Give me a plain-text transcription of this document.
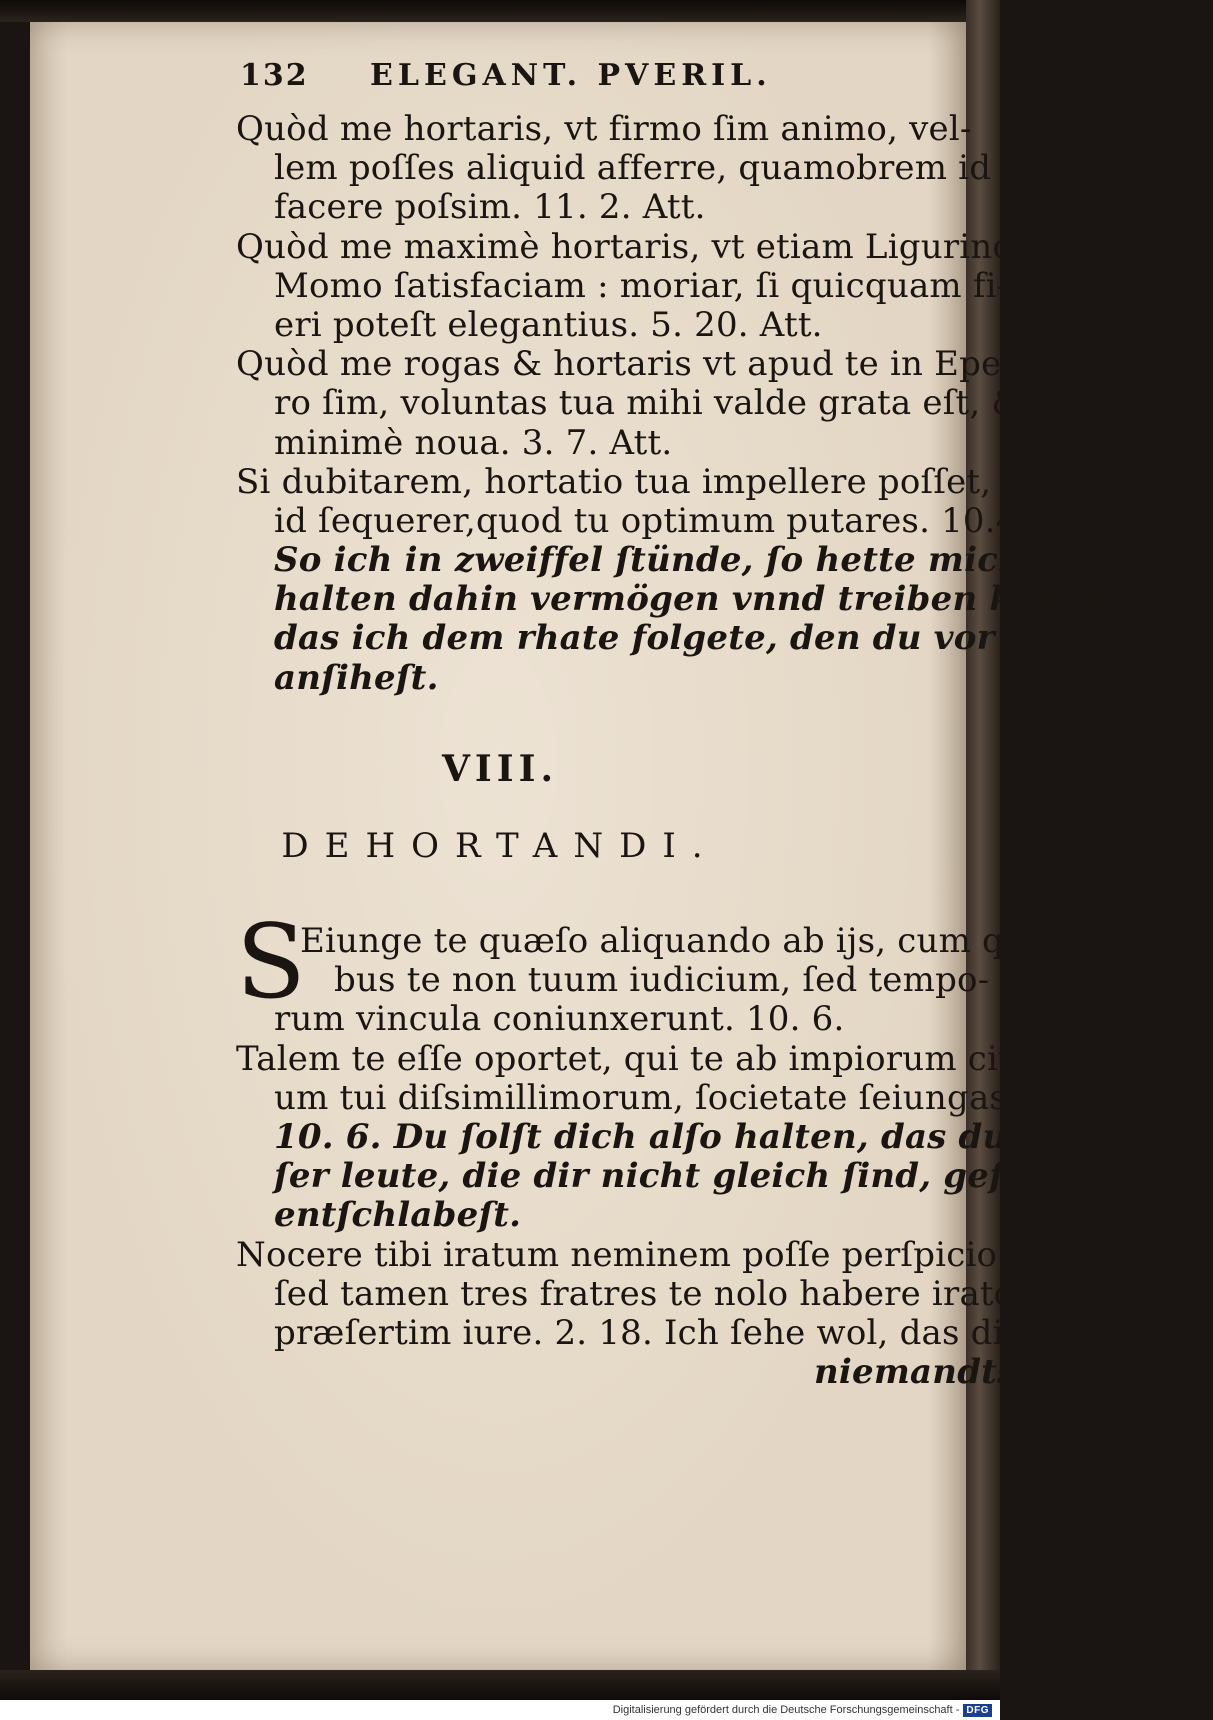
132 ELEGANT. PVERIL.
Quòd me hortaris, vt firmo ſim animo, vel-
lem poſſes aliquid afferre, quamobrem id
facere poſsim. 11. 2. Att.
Quòd me maximè hortaris, vt etiam Ligurino
Momo ſatisfaciam : moriar, ſi quicquam fi-
eri poteſt elegantius. 5. 20. Att.
Quòd me rogas & hortaris vt apud te in Epei-
ro ſim, voluntas tua mihi valde grata eſt, &
minimè noua. 3. 7. Att.
Si dubitarem, hortatio tua impellere poſſet, vt
id ſequerer,quod tu optimum putares. 10.4.
So ich in zweiffel ſtünde, ſo hette mich dein an-
halten dahin vermögen vnnd treiben können,
das ich dem rhate folgete, den du vor den beſten
anſiheſt.
VIII.
DEHORTANDI.
S
Eiunge te quæſo aliquando ab ijs, cum qui-
bus te non tuum iudicium, ſed tempo-
rum vincula coniunxerunt. 10. 6.
Talem te eſſe oportet, qui te ab impiorum ciui-
um tui diſsimillimorum, ſocietate ſeiungas.
10. 6. Du ſolſt dich alſo halten, das du dich bö-
ſer leute, die dir nicht gleich ſind, geſellſchafft
entſchlabeſt.
Nocere tibi iratum neminem poſſe perſpicio :
ſed tamen tres fratres te nolo habere iratos,
præſertim iure. 2. 18. Ich ſehe wol, das dir
niemandts
Digitalisierung gefördert durch die Deutsche Forschungsgemeinschaft - DFG
